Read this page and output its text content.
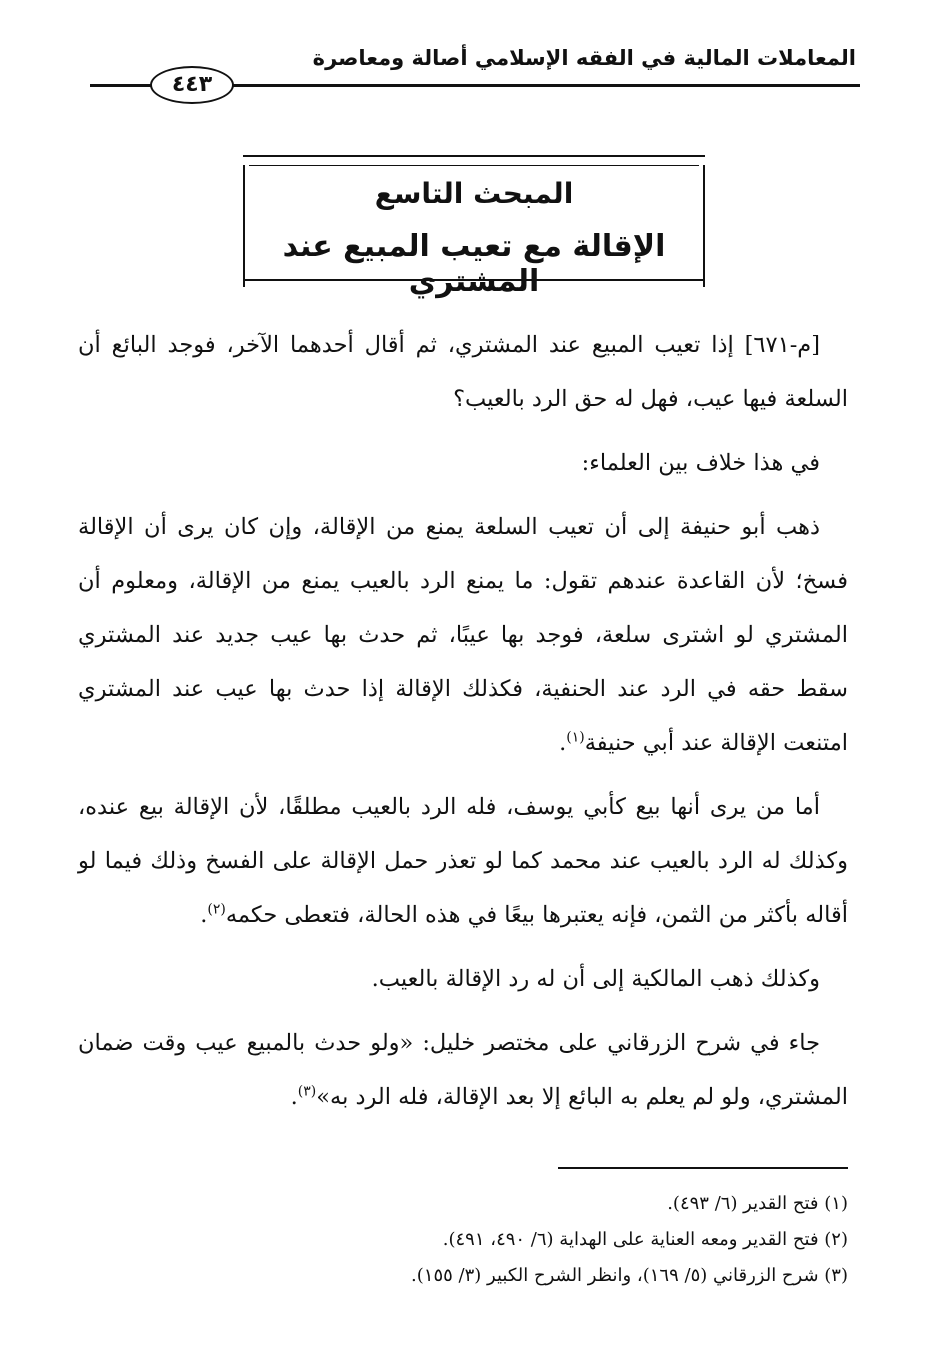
المعاملات المالية في الفقه الإسلامي أصالة ومعاصرة
٤٤٣
المبحث التاسع
الإقالة مع تعيب المبيع عند المشتري

[م-٦٧١] إذا تعيب المبيع عند المشتري، ثم أقال أحدهما الآخر، فوجد البائع أن السلعة فيها عيب، فهل له حق الرد بالعيب؟

في هذا خلاف بين العلماء:

ذهب أبو حنيفة إلى أن تعيب السلعة يمنع من الإقالة، وإن كان يرى أن الإقالة فسخ؛ لأن القاعدة عندهم تقول: ما يمنع الرد بالعيب يمنع من الإقالة، ومعلوم أن المشتري لو اشترى سلعة، فوجد بها عيبًا، ثم حدث بها عيب جديد عند المشتري سقط حقه في الرد عند الحنفية، فكذلك الإقالة إذا حدث بها عيب عند المشتري امتنعت الإقالة عند أبي حنيفة$^{(١)}$.

أما من يرى أنها بيع كأبي يوسف، فله الرد بالعيب مطلقًا، لأن الإقالة بيع عنده، وكذلك له الرد بالعيب عند محمد كما لو تعذر حمل الإقالة على الفسخ وذلك فيما لو أقاله بأكثر من الثمن، فإنه يعتبرها بيعًا في هذه الحالة، فتعطى حكمه$^{(٢)}$.

وكذلك ذهب المالكية إلى أن له رد الإقالة بالعيب.

جاء في شرح الزرقاني على مختصر خليل: «ولو حدث بالمبيع عيب وقت ضمان المشتري، ولو لم يعلم به البائع إلا بعد الإقالة، فله الرد به»$^{(٣)}$.

(١) فتح القدير (٦/ ٤٩٣).

(٢) فتح القدير ومعه العناية على الهداية (٦/ ٤٩٠، ٤٩١).

(٣) شرح الزرقاني (٥/ ١٦٩)، وانظر الشرح الكبير (٣/ ١٥٥).
